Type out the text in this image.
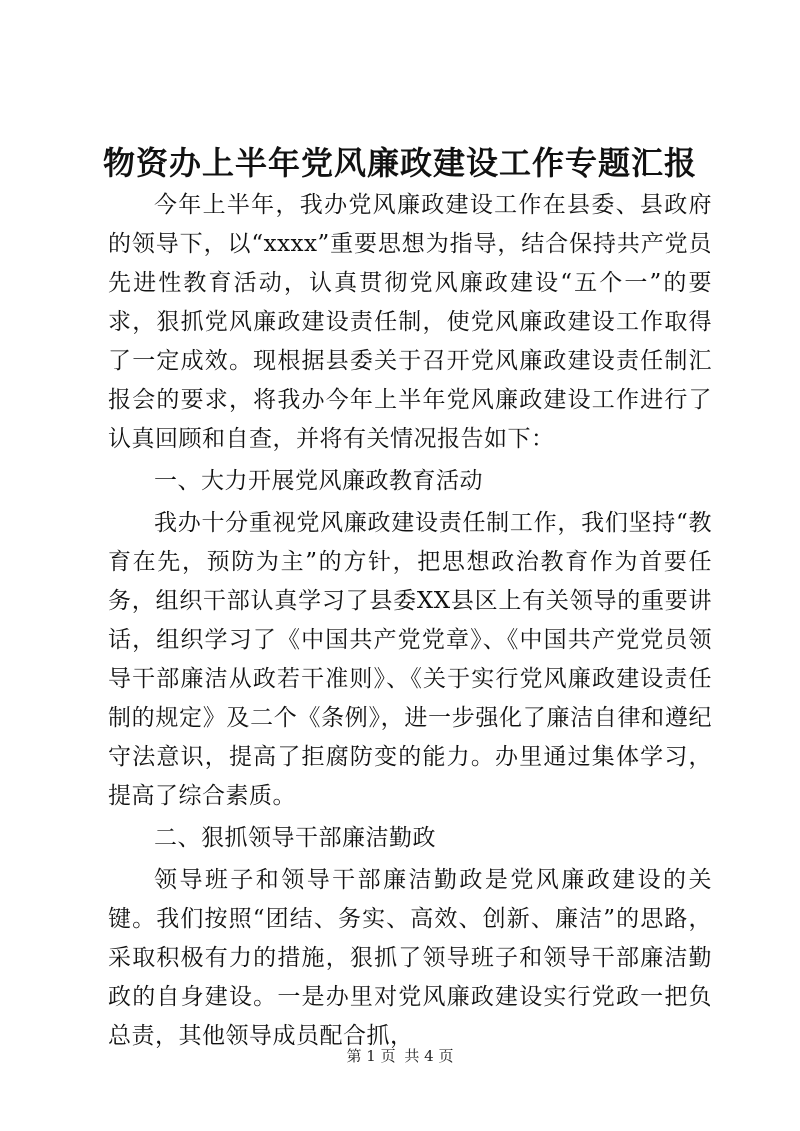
物资办上半年党风廉政建设工作专题汇报

今年上半年，我办党风廉政建设工作在县委、县政府的领导下，以“xxxx”重要思想为指导，结合保持共产党员先进性教育活动，认真贯彻党风廉政建设“五个一”的要求，狠抓党风廉政建设责任制，使党风廉政建设工作取得了一定成效。现根据县委关于召开党风廉政建设责任制汇报会的要求，将我办今年上半年党风廉政建设工作进行了认真回顾和自查，并将有关情况报告如下：

一、大力开展党风廉政教育活动

我办十分重视党风廉政建设责任制工作，我们坚持“教育在先，预防为主”的方针，把思想政治教育作为首要任务，组织干部认真学习了县委XX县区上有关领导的重要讲话，组织学习了《中国共产党党章》、《中国共产党党员领导干部廉洁从政若干准则》、《关于实行党风廉政建设责任制的规定》及二个《条例》，进一步强化了廉洁自律和遵纪守法意识，提高了拒腐防变的能力。办里通过集体学习，提高了综合素质。

二、狠抓领导干部廉洁勤政

领导班子和领导干部廉洁勤政是党风廉政建设的关键。我们按照“团结、务实、高效、创新、廉洁”的思路，采取积极有力的措施，狠抓了领导班子和领导干部廉洁勤政的自身建设。一是办里对党风廉政建设实行党政一把负总责，其他领导成员配合抓，

第 1 页 共 4 页
